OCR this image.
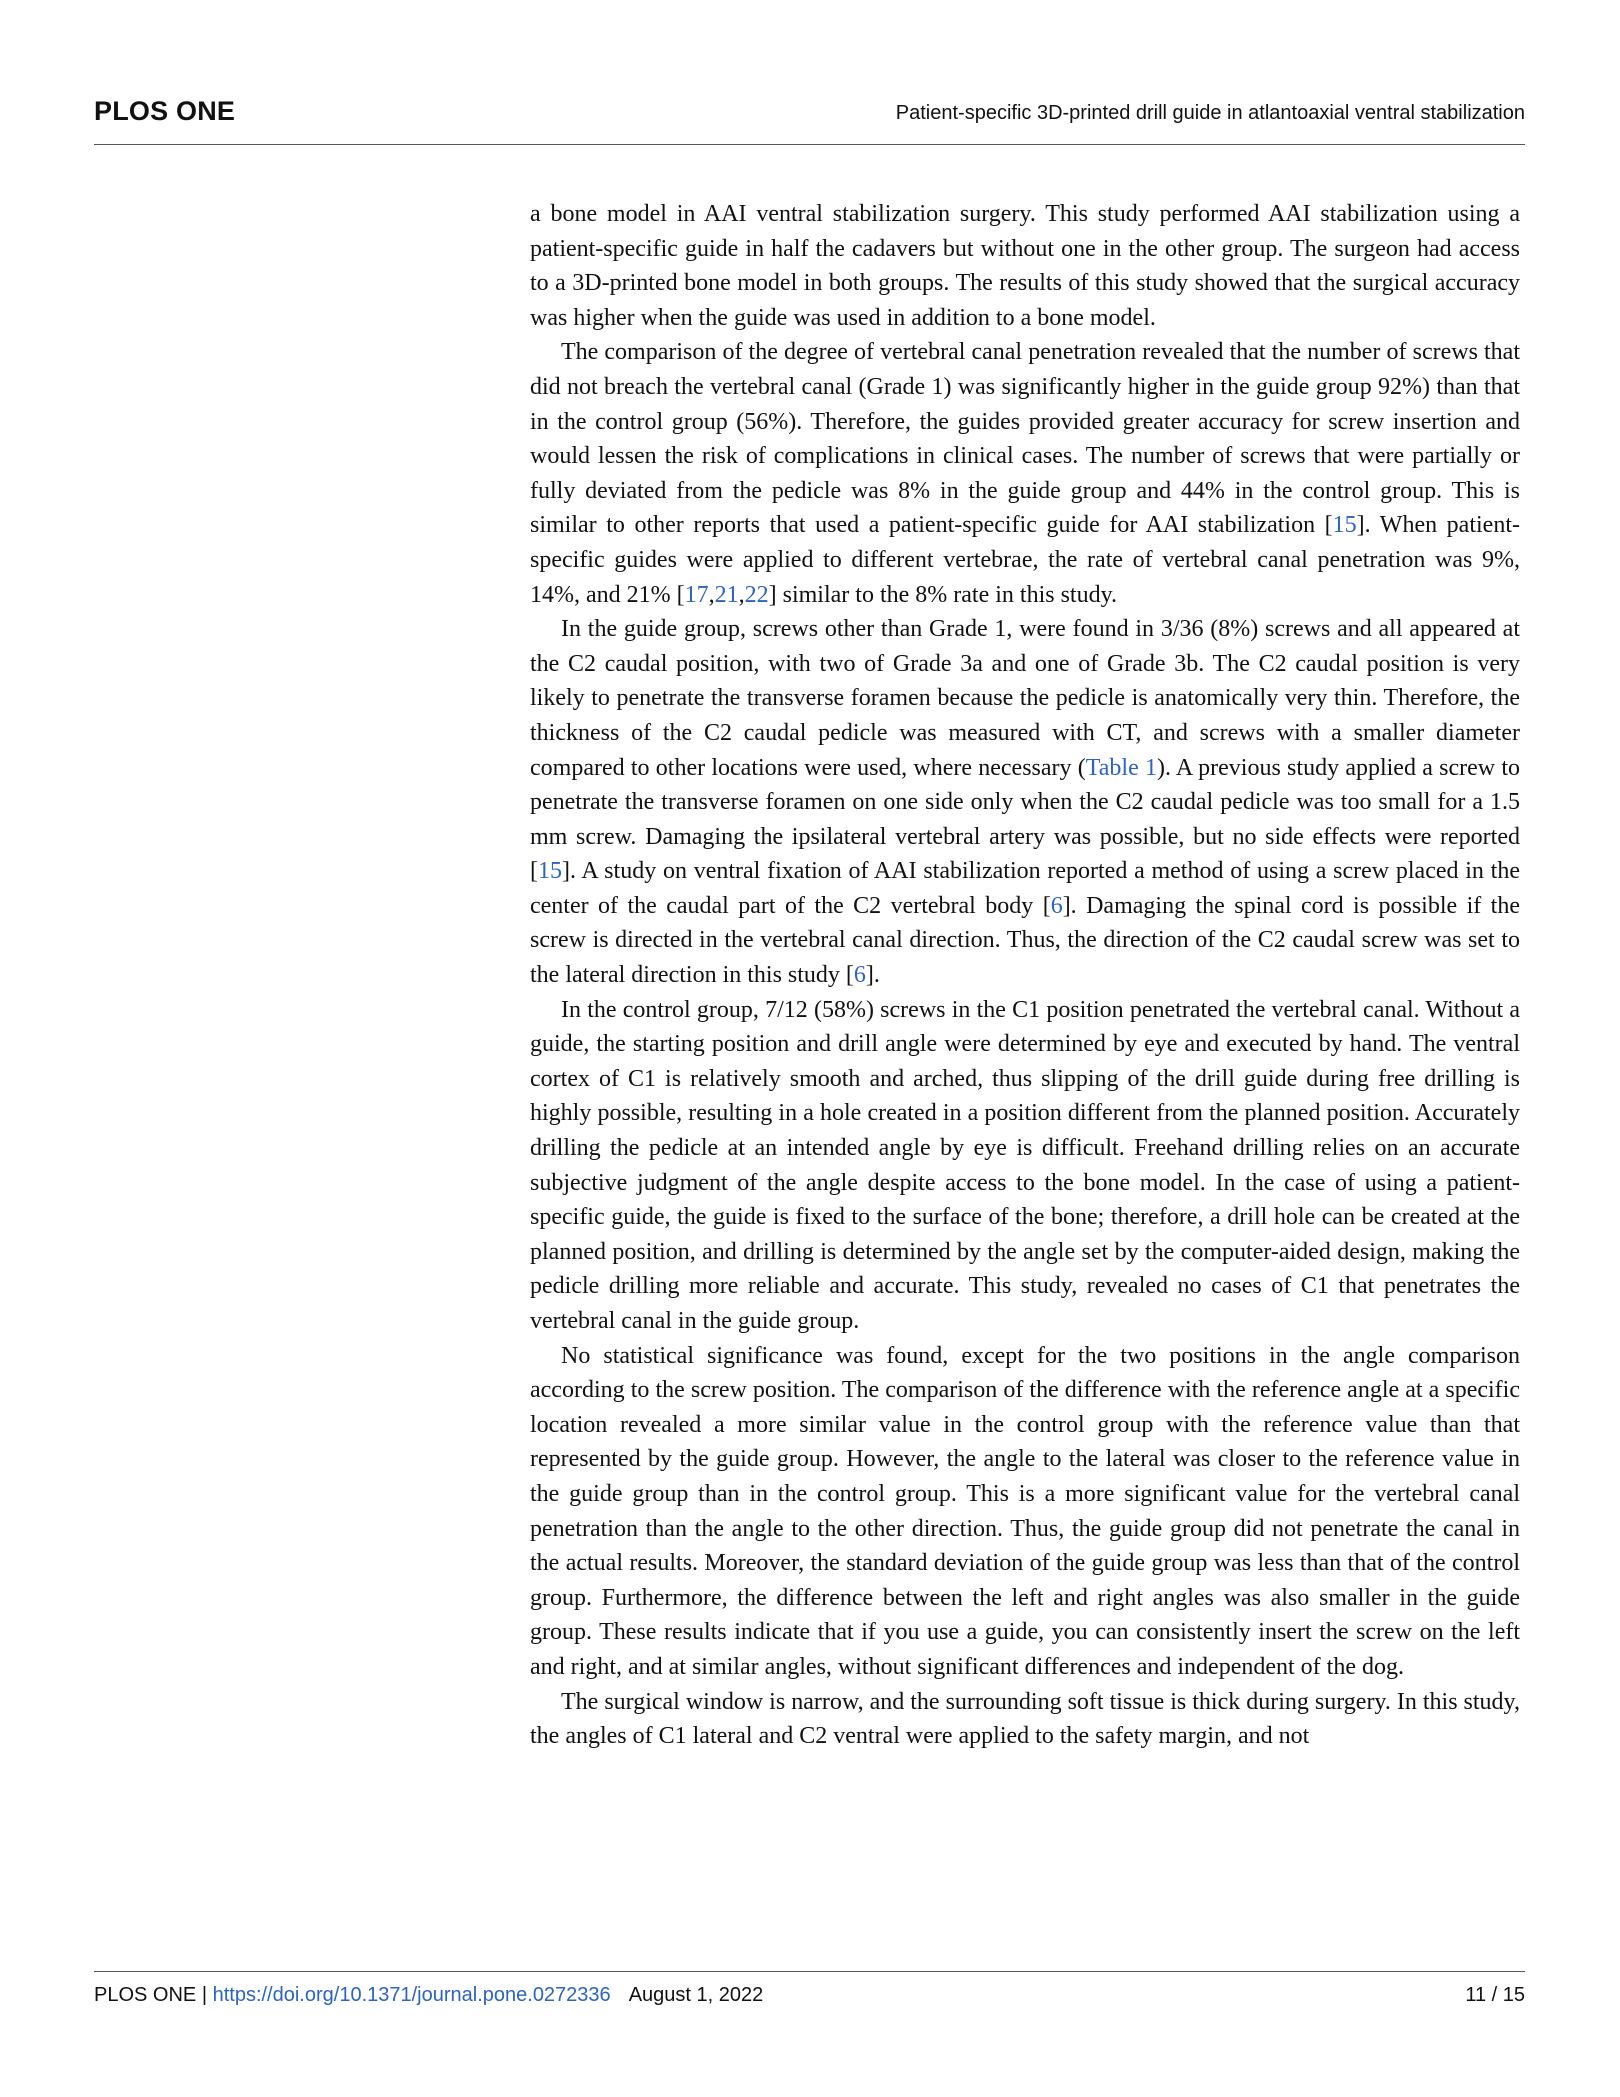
PLOS ONE	Patient-specific 3D-printed drill guide in atlantoaxial ventral stabilization

a bone model in AAI ventral stabilization surgery. This study performed AAI stabilization using a patient-specific guide in half the cadavers but without one in the other group. The surgeon had access to a 3D-printed bone model in both groups. The results of this study showed that the surgical accuracy was higher when the guide was used in addition to a bone model.

The comparison of the degree of vertebral canal penetration revealed that the number of screws that did not breach the vertebral canal (Grade 1) was significantly higher in the guide group 92%) than that in the control group (56%). Therefore, the guides provided greater accuracy for screw insertion and would lessen the risk of complications in clinical cases. The number of screws that were partially or fully deviated from the pedicle was 8% in the guide group and 44% in the control group. This is similar to other reports that used a patient-specific guide for AAI stabilization [15]. When patient-specific guides were applied to different vertebrae, the rate of vertebral canal penetration was 9%, 14%, and 21% [17,21,22] similar to the 8% rate in this study.

In the guide group, screws other than Grade 1, were found in 3/36 (8%) screws and all appeared at the C2 caudal position, with two of Grade 3a and one of Grade 3b. The C2 caudal position is very likely to penetrate the transverse foramen because the pedicle is anatomically very thin. Therefore, the thickness of the C2 caudal pedicle was measured with CT, and screws with a smaller diameter compared to other locations were used, where necessary (Table 1). A previous study applied a screw to penetrate the transverse foramen on one side only when the C2 caudal pedicle was too small for a 1.5 mm screw. Damaging the ipsilateral vertebral artery was possible, but no side effects were reported [15]. A study on ventral fixation of AAI stabilization reported a method of using a screw placed in the center of the caudal part of the C2 vertebral body [6]. Damaging the spinal cord is possible if the screw is directed in the vertebral canal direction. Thus, the direction of the C2 caudal screw was set to the lateral direction in this study [6].

In the control group, 7/12 (58%) screws in the C1 position penetrated the vertebral canal. Without a guide, the starting position and drill angle were determined by eye and executed by hand. The ventral cortex of C1 is relatively smooth and arched, thus slipping of the drill guide during free drilling is highly possible, resulting in a hole created in a position different from the planned position. Accurately drilling the pedicle at an intended angle by eye is difficult. Freehand drilling relies on an accurate subjective judgment of the angle despite access to the bone model. In the case of using a patient-specific guide, the guide is fixed to the surface of the bone; therefore, a drill hole can be created at the planned position, and drilling is determined by the angle set by the computer-aided design, making the pedicle drilling more reliable and accurate. This study, revealed no cases of C1 that penetrates the vertebral canal in the guide group.

No statistical significance was found, except for the two positions in the angle comparison according to the screw position. The comparison of the difference with the reference angle at a specific location revealed a more similar value in the control group with the reference value than that represented by the guide group. However, the angle to the lateral was closer to the reference value in the guide group than in the control group. This is a more significant value for the vertebral canal penetration than the angle to the other direction. Thus, the guide group did not penetrate the canal in the actual results. Moreover, the standard deviation of the guide group was less than that of the control group. Furthermore, the difference between the left and right angles was also smaller in the guide group. These results indicate that if you use a guide, you can consistently insert the screw on the left and right, and at similar angles, without significant differences and independent of the dog.

The surgical window is narrow, and the surrounding soft tissue is thick during surgery. In this study, the angles of C1 lateral and C2 ventral were applied to the safety margin, and not

PLOS ONE | https://doi.org/10.1371/journal.pone.0272336 August 1, 2022	11 / 15
